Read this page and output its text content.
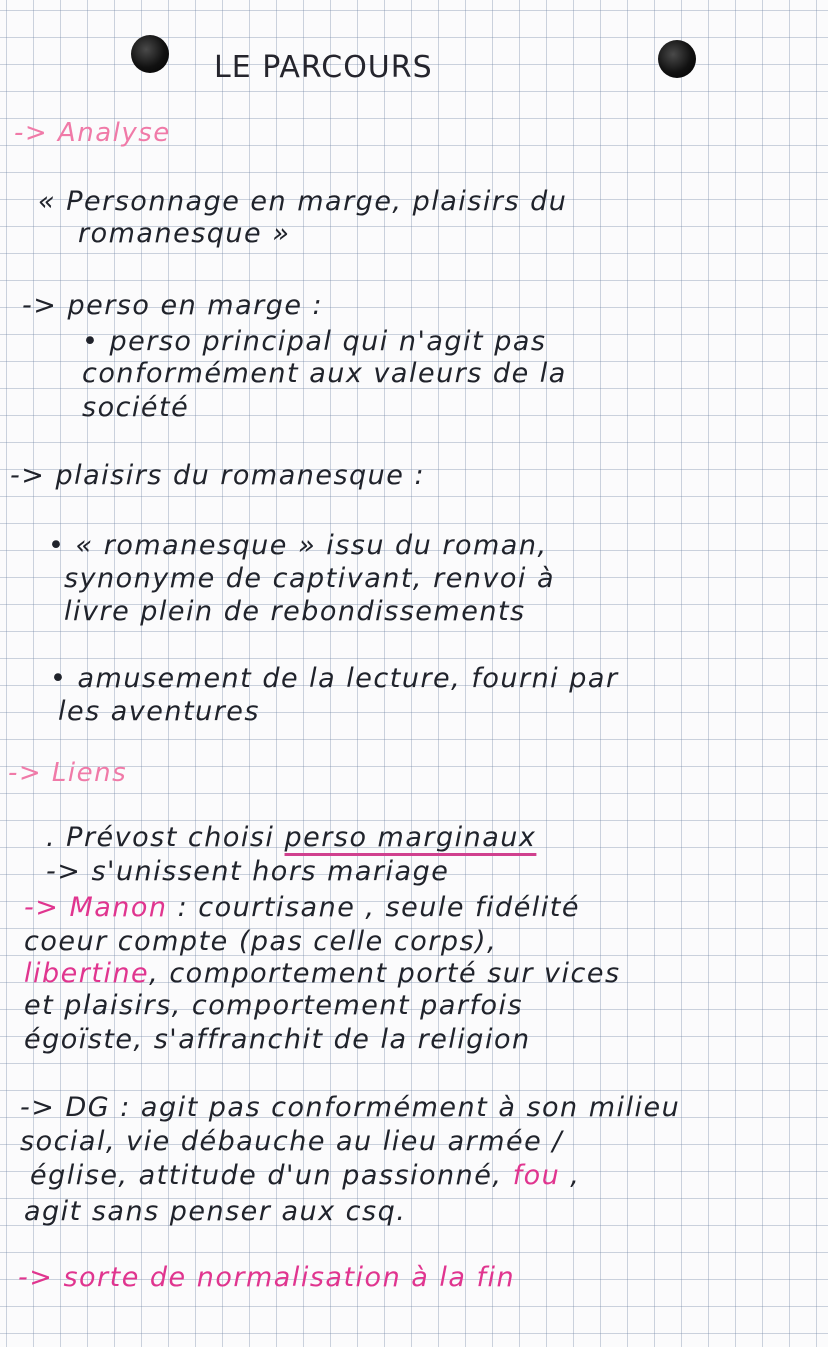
LE PARCOURS
-> Analyse
« Personnage en marge, plaisirs du
romanesque »
-> perso en marge :
• perso principal qui n'agit pas
conformément aux valeurs de la
société
-> plaisirs du romanesque :
• « romanesque » issu du roman,
synonyme de captivant, renvoi à
livre plein de rebondissements
• amusement de la lecture, fourni par
les aventures
-> Liens
. Prévost choisi perso marginaux
-> s'unissent hors mariage
-> Manon : courtisane , seule fidélité
coeur compte (pas celle corps),
libertine, comportement porté sur vices
et plaisirs, comportement parfois
égoïste, s'affranchit de la religion
-> DG : agit pas conformément à son milieu
social, vie débauche au lieu armée /
église, attitude d'un passionné, fou ,
agit sans penser aux csq.
-> sorte de normalisation à la fin
